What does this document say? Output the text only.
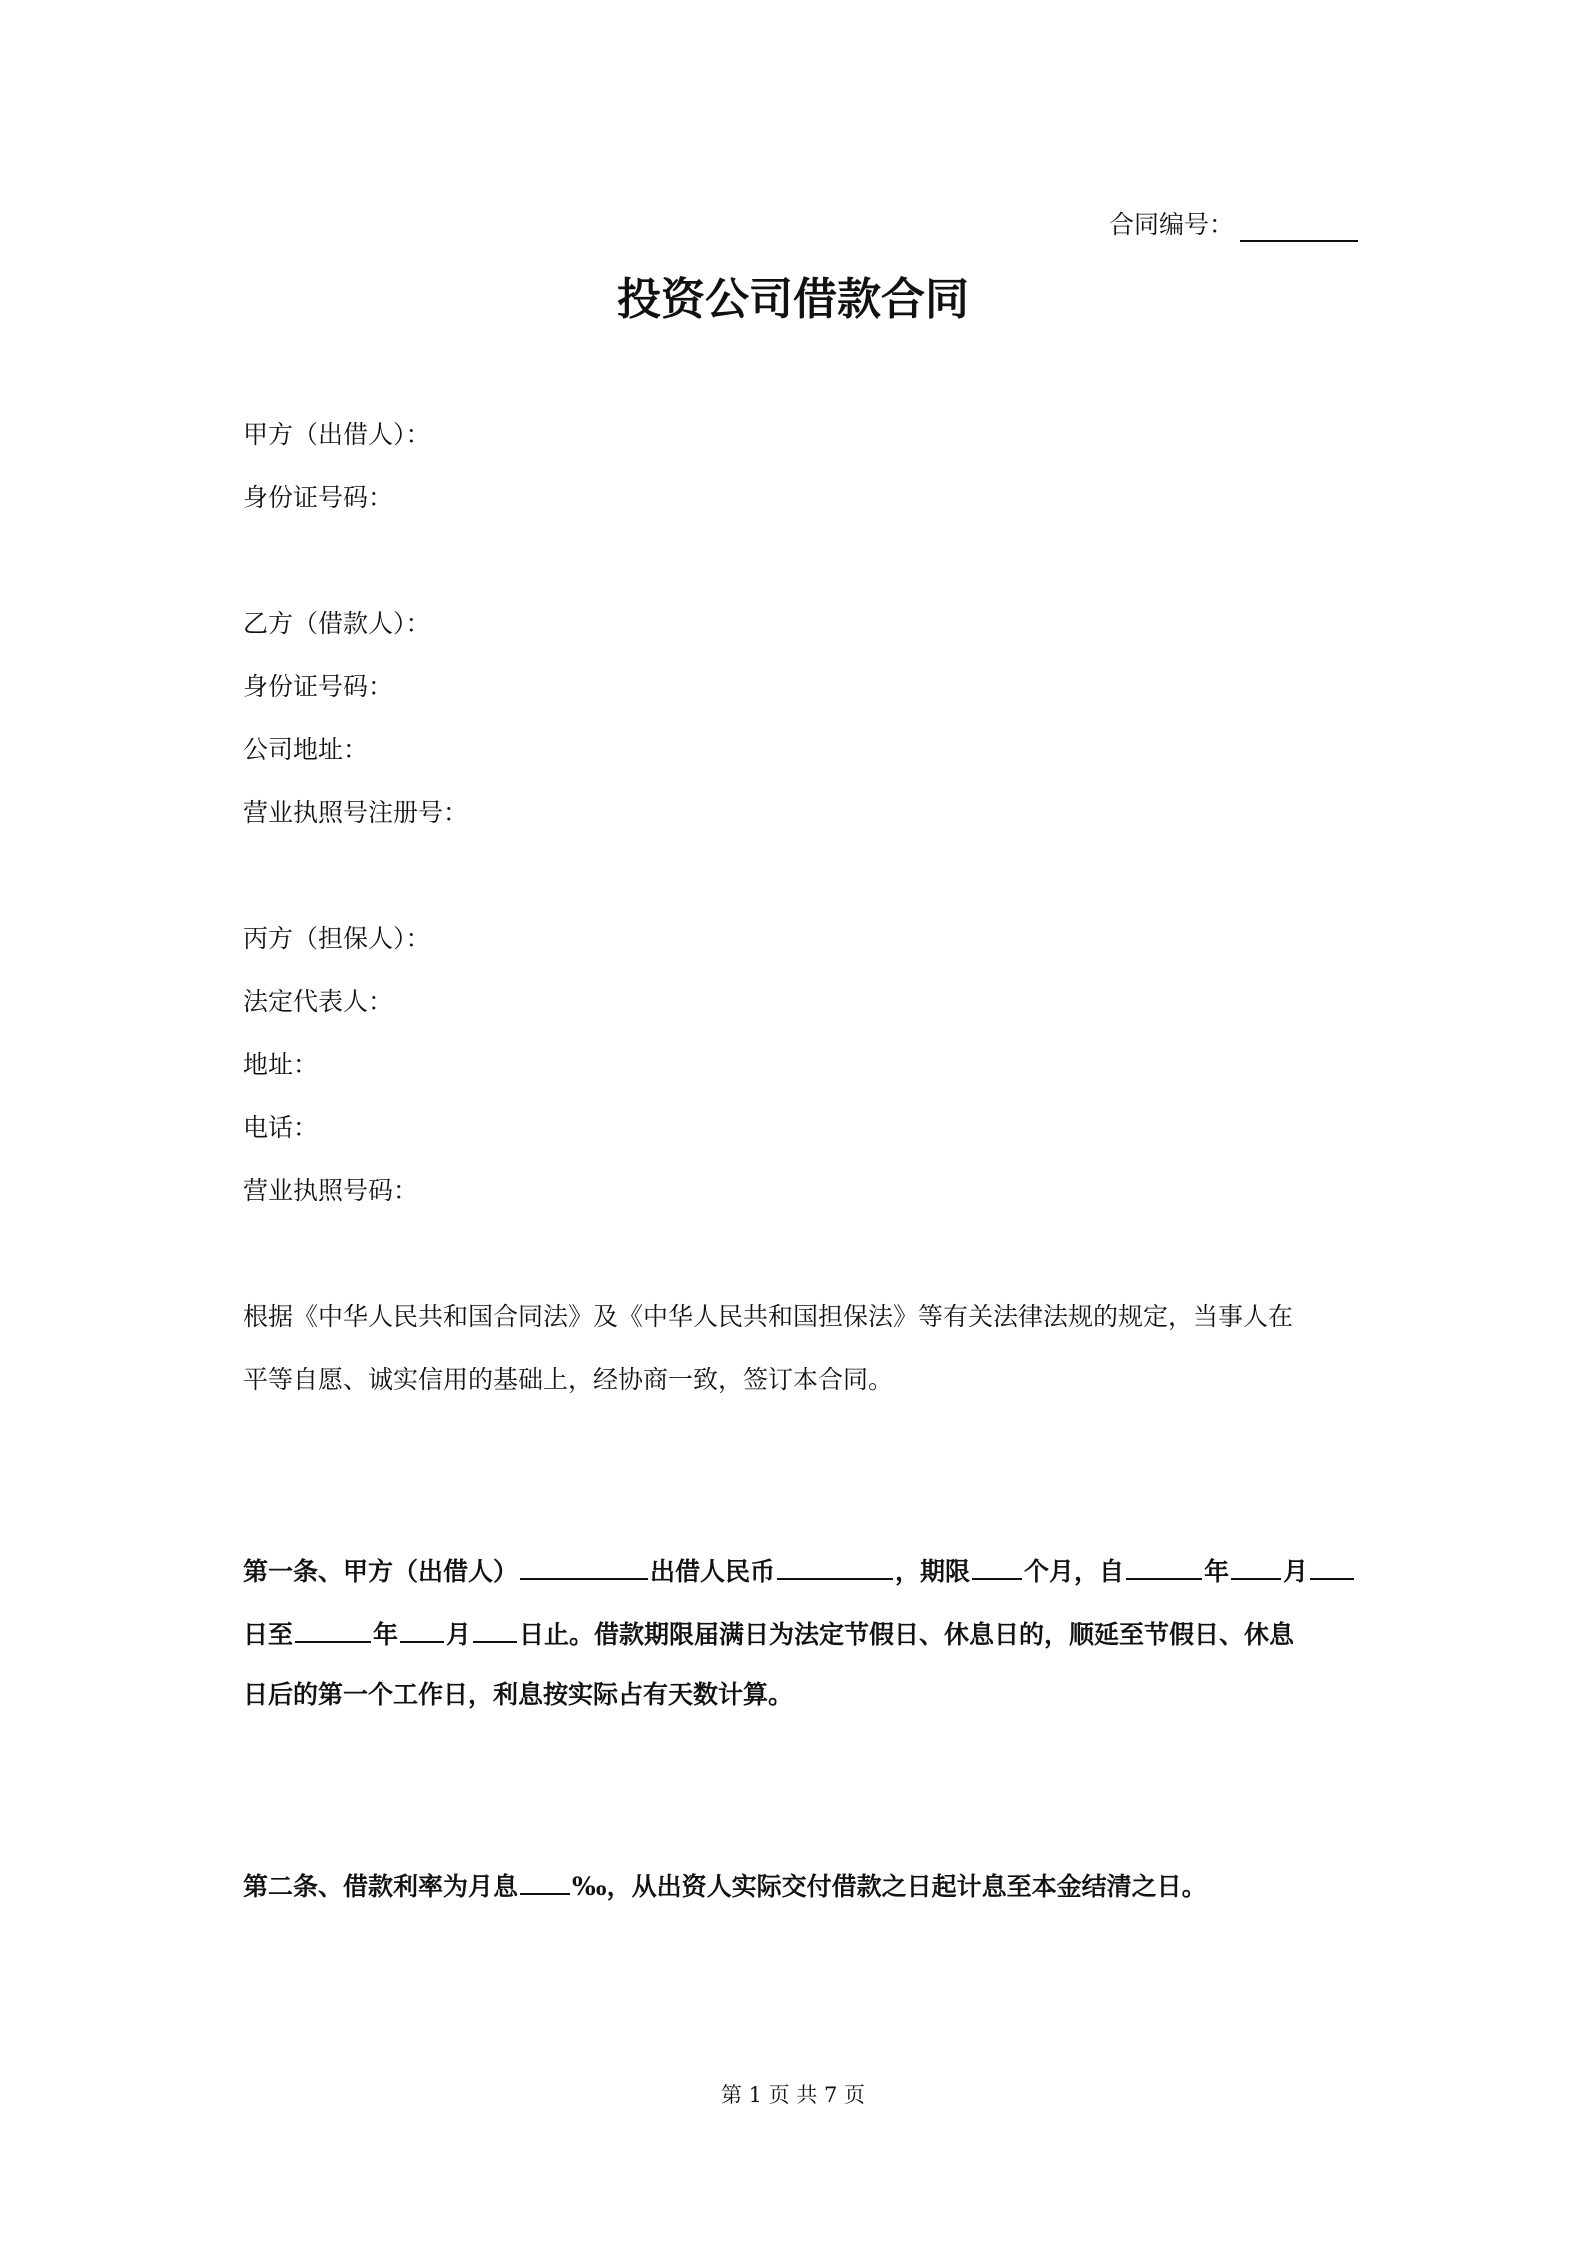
合同编号：
投资公司借款合同
甲方（出借人）：
身份证号码：
乙方（借款人）：
身份证号码：
公司地址：
营业执照号注册号：
丙方（担保人）：
法定代表人：
地址：
电话：
营业执照号码：
根据《中华人民共和国合同法》及《中华人民共和国担保法》等有关法律法规的规定，当事人在
平等自愿、诚实信用的基础上，经协商一致，签订本合同。
第一条、甲方（出借人）	出借人民币	，期限 个月，自	年 月
日至	年 月 日止。借款期限届满日为法定节假日、休息日的，顺延至节假日、休息
日后的第一个工作日，利息按实际占有天数计算。
第二条、借款利率为月息 ‰，从出资人实际交付借款之日起计息至本金结清之日。
第 1 页 共 7 页
